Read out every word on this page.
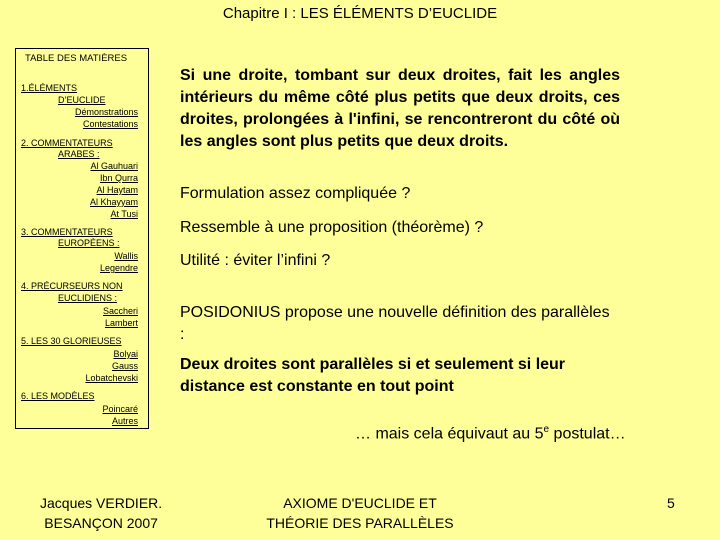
Chapitre I : LES ÉLÉMENTS D’EUCLIDE
TABLE DES MATIÈRES
1.ÉLÉMENTS
D’EUCLIDE
Démonstrations
Contestations
2. COMMENTATEURS
ARABES :
Al Gauhuari
Ibn Qurra
Al Haytam
Al Khayyam
At Tusi
3. COMMENTATEURS
EUROPÉENS :
Wallis
Legendre
4. PRÉCURSEURS NON
EUCLIDIENS :
Saccheri
Lambert
5. LES 30 GLORIEUSES
Bolyai
Gauss
Lobatchevski
6. LES MODÈLES
Poincaré
Autres
Si une droite, tombant sur deux droites, fait les angles intérieurs du même côté plus petits que deux droits, ces droites, prolongées à l'infini, se rencontreront du côté où les angles sont plus petits que deux droits.
Formulation assez compliquée ?
Ressemble à une proposition (théorème) ?
Utilité : éviter l’infini ?
POSIDONIUS propose une nouvelle définition des parallèles :
Deux droites sont parallèles si et seulement si leur distance est constante en tout point
… mais cela équivaut au 5e postulat…
Jacques VERDIER.
BESANÇON 2007
AXIOME D'EUCLIDE ET
THÉORIE DES PARALLÈLES
5
